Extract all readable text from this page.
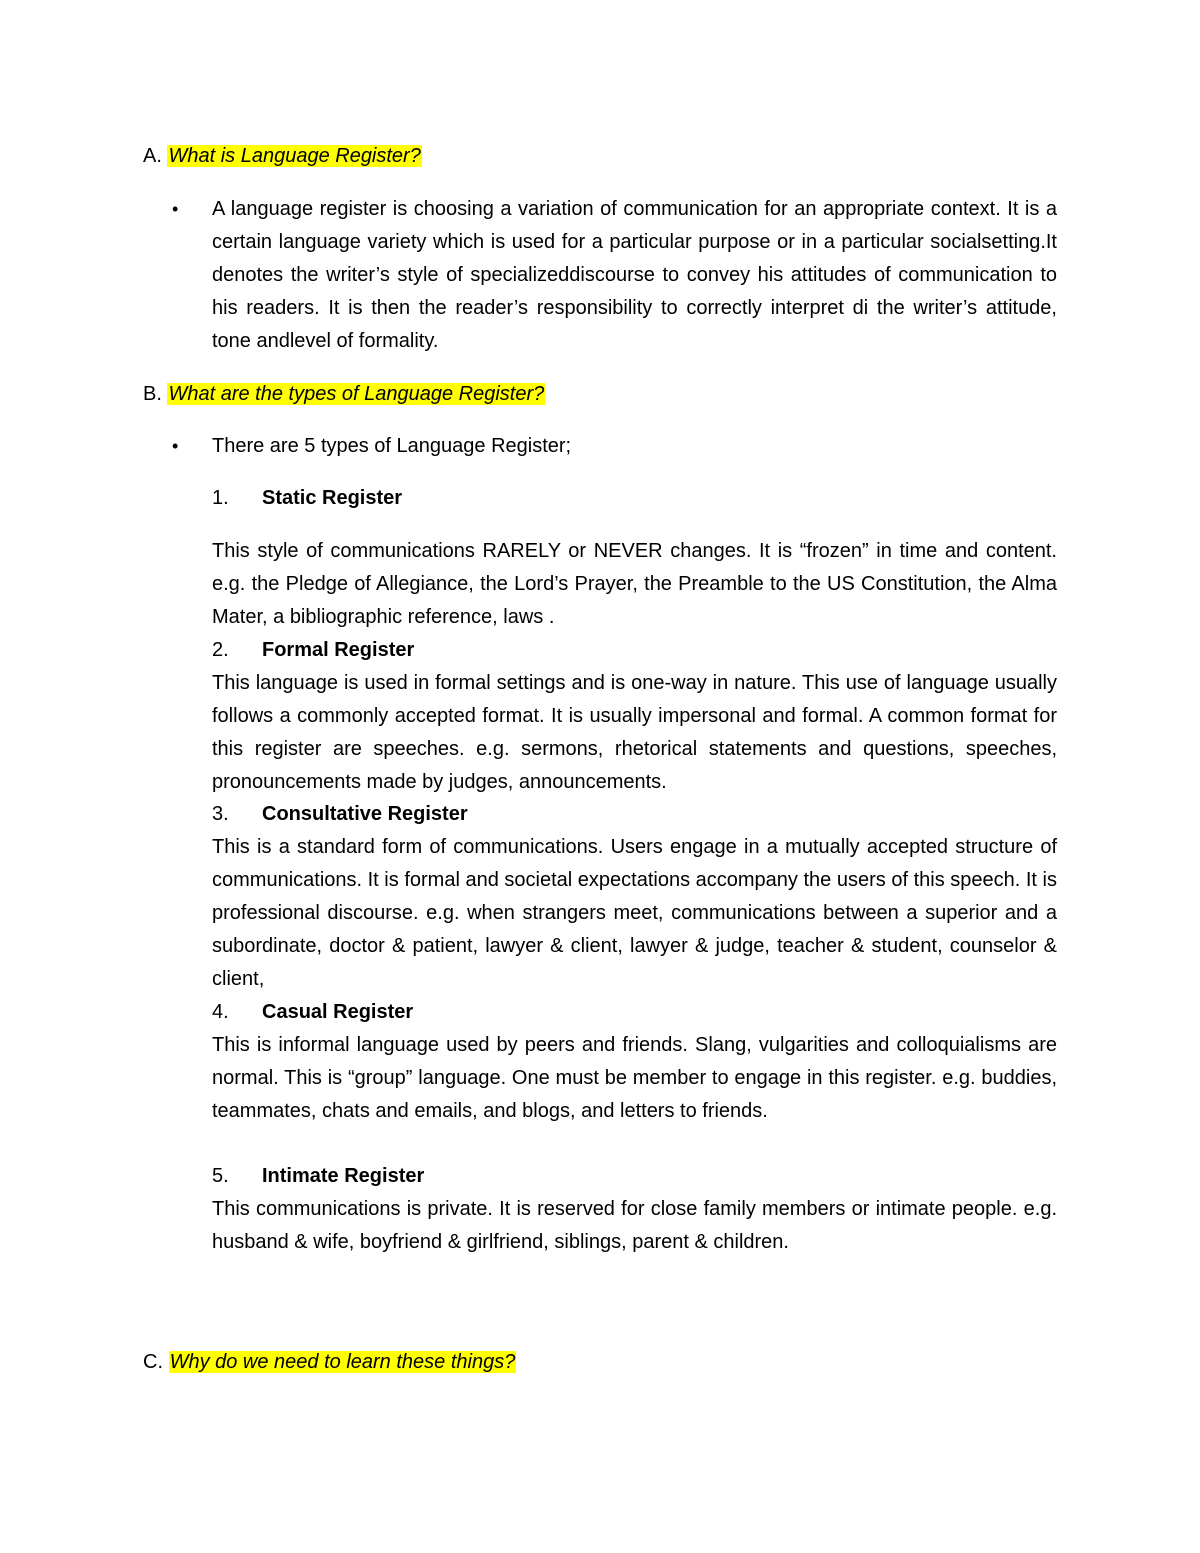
A. What is Language Register?
•	A language register is choosing a variation of communication for an appropriate context. It is a certain language variety which is used for a particular purpose or in a particular socialsetting.It denotes the writer’s style of specializeddiscourse to convey his attitudes of communication to his readers. It is then the reader’s responsibility to correctly interpret di the writer’s attitude, tone andlevel of formality.
B. What are the types of Language Register?
•	There are 5 types of Language Register;
1. Static Register
This style of communications RARELY or NEVER changes. It is “frozen” in time and content. e.g. the Pledge of Allegiance, the Lord’s Prayer, the Preamble to the US Constitution, the Alma Mater, a bibliographic reference, laws .
2. Formal Register
This language is used in formal settings and is one-way in nature. This use of language usually follows a commonly accepted format. It is usually impersonal and formal. A common format for this register are speeches. e.g. sermons, rhetorical statements and questions, speeches, pronouncements made by judges, announcements.
3. Consultative Register
This is a standard form of communications. Users engage in a mutually accepted structure of communications. It is formal and societal expectations accompany the users of this speech. It is professional discourse. e.g. when strangers meet, communications between a superior and a subordinate, doctor & patient, lawyer & client, lawyer & judge, teacher & student, counselor & client,
4. Casual Register
This is informal language used by peers and friends. Slang, vulgarities and colloquialisms are normal. This is “group” language. One must be member to engage in this register. e.g. buddies, teammates, chats and emails, and blogs, and letters to friends.
5. Intimate Register
This communications is private. It is reserved for close family members or intimate people. e.g. husband & wife, boyfriend & girlfriend, siblings, parent & children.
C. Why do we need to learn these things?
